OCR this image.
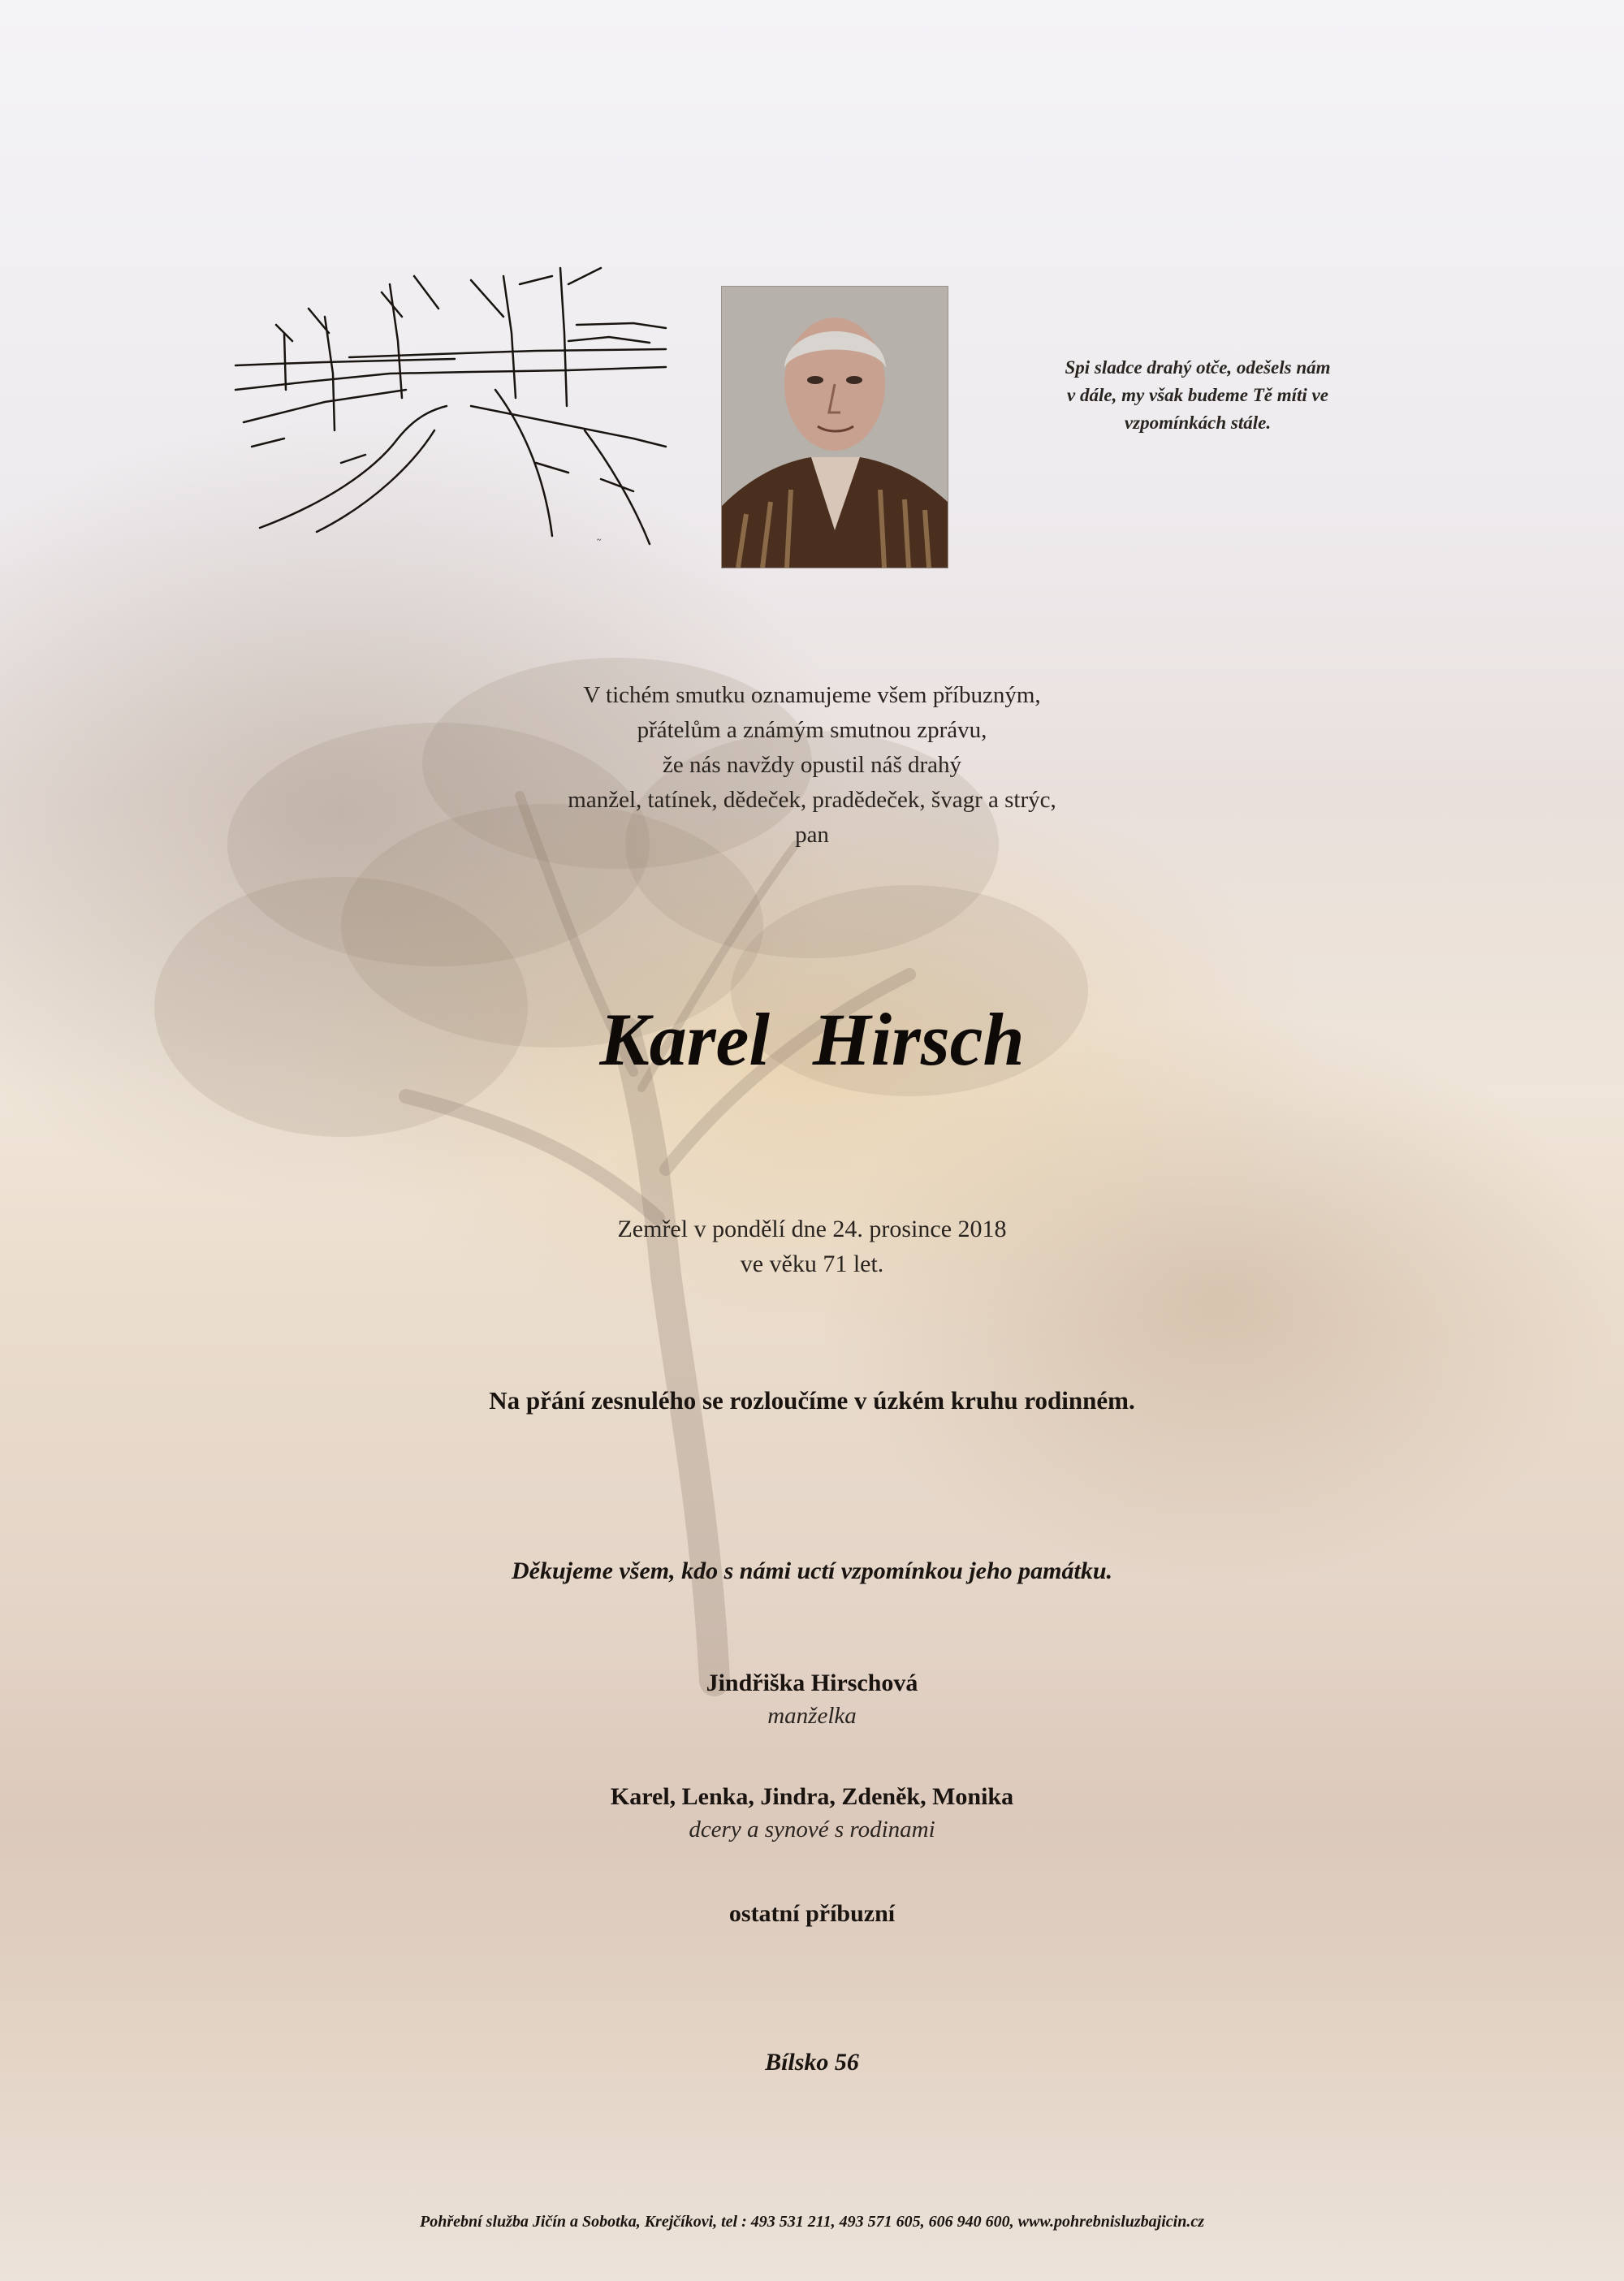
~
Spi sladce drahý otče, odešels nám
v dále, my však budeme Tě míti ve
vzpomínkách stále.
V tichém smutku oznamujeme všem příbuzným,
přátelům a známým smutnou zprávu,
že nás navždy opustil náš drahý
manžel, tatínek, dědeček, pradědeček, švagr a strýc,
pan
Karel Hirsch
Zemřel v pondělí dne 24. prosince 2018
ve věku 71 let.
Na přání zesnulého se rozloučíme v úzkém kruhu rodinném.
Děkujeme všem, kdo s námi uctí vzpomínkou jeho památku.
Jindřiška Hirschová
manželka
Karel, Lenka, Jindra, Zdeněk, Monika
dcery a synové s rodinami
ostatní příbuzní
Bílsko 56
Pohřební služba Jičín a Sobotka, Krejčíkovi, tel : 493 531 211, 493 571 605, 606 940 600, www.pohrebnisluzbajicin.cz
